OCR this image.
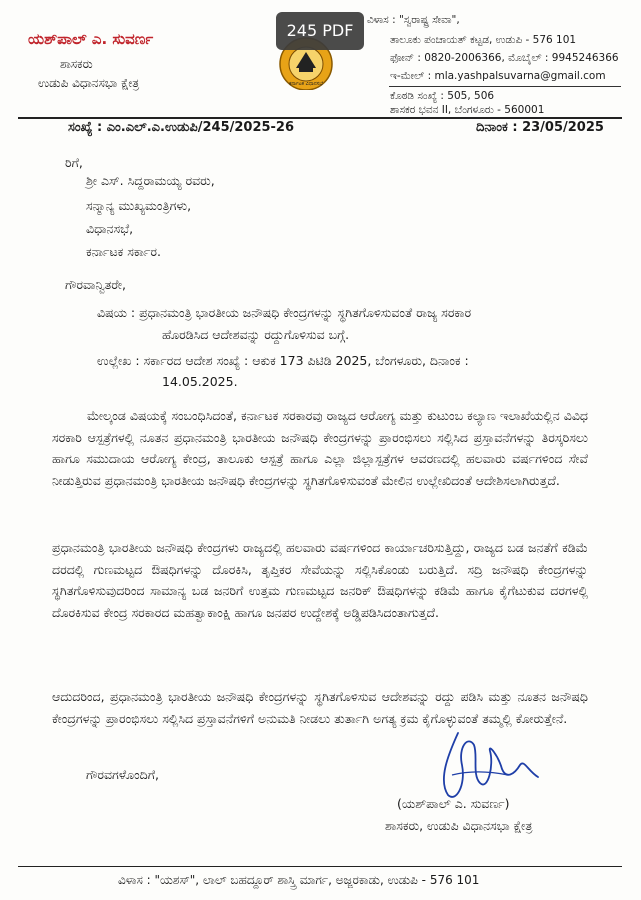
245 PDF
ಯಶ್‌ಪಾಲ್ ಎ. ಸುವರ್ಣ
ಶಾಸಕರು
ಉಡುಪಿ ವಿಧಾನಸಭಾ ಕ್ಷೇತ್ರ	ಕರ್ನಾಟಕ ವಿಧಾನಸಭೆ
ವಿಳಾಸ : "ಸ್ವರಾಷ್ಟ್ರ ಸೇವಾ",
ತಾಲೂಕು ಪಂಚಾಯತ್ ಕಟ್ಟಡ, ಉಡುಪಿ - 576 101
ಫೋನ್ : 0820-2006366, ಮೊಬೈಲ್ : 9945246366
ಇ-ಮೇಲ್ : mla.yashpalsuvarna@gmail.com
ಕೊಠಡಿ ಸಂಖ್ಯೆ : 505, 506
ಶಾಸಕರ ಭವನ II, ಬೆಂಗಳೂರು - 560001
ಸಂಖ್ಯೆ : ಎಂ.ಎಲ್.ಎ.ಉಡುಪಿ/245/2025-26	ದಿನಾಂಕ : 23/05/2025
ರಿಗೆ,
ಶ್ರೀ ಎಸ್. ಸಿದ್ದರಾಮಯ್ಯ ರವರು,
ಸನ್ಮಾನ್ಯ ಮುಖ್ಯಮಂತ್ರಿಗಳು,
ವಿಧಾನಸಭೆ,
ಕರ್ನಾಟಕ ಸರ್ಕಾರ.
ಗೌರವಾನ್ವಿತರೇ,
ವಿಷಯ : ಪ್ರಧಾನಮಂತ್ರಿ ಭಾರತೀಯ ಜನೌಷಧಿ ಕೇಂದ್ರಗಳನ್ನು ಸ್ಥಗಿತಗೊಳಿಸುವಂತೆ ರಾಜ್ಯ ಸರಕಾರ
ಹೊರಡಿಸಿದ ಆದೇಶವನ್ನು ರದ್ದುಗೊಳಿಸುವ ಬಗ್ಗೆ.
ಉಲ್ಲೇಖ : ಸರ್ಕಾರದ ಆದೇಶ ಸಂಖ್ಯೆ : ಆಕುಕ 173 ಪಿಟಿಡಿ 2025, ಬೆಂಗಳೂರು, ದಿನಾಂಕ :
14.05.2025.
ಮೇಲ್ಕಂಡ ವಿಷಯಕ್ಕೆ ಸಂಬಂಧಿಸಿದಂತೆ, ಕರ್ನಾಟಕ ಸರಕಾರವು ರಾಜ್ಯದ ಆರೋಗ್ಯ ಮತ್ತು ಕುಟುಂಬ ಕಲ್ಯಾಣ ಇಲಾಖೆಯಲ್ಲಿನ ವಿವಿಧ ಸರಕಾರಿ ಆಸ್ಪತ್ರೆಗಳಲ್ಲಿ ನೂತನ ಪ್ರಧಾನಮಂತ್ರಿ ಭಾರತೀಯ ಜನೌಷಧಿ ಕೇಂದ್ರಗಳನ್ನು ಪ್ರಾರಂಭಿಸಲು ಸಲ್ಲಿಸಿದ ಪ್ರಸ್ತಾವನೆಗಳನ್ನು ತಿರಸ್ಕರಿಸಲು ಹಾಗೂ ಸಮುದಾಯ ಆರೋಗ್ಯ ಕೇಂದ್ರ, ತಾಲೂಕು ಆಸ್ಪತ್ರೆ ಹಾಗೂ ಎಲ್ಲಾ ಜಿಲ್ಲಾಸ್ಪತ್ರೆಗಳ ಆವರಣದಲ್ಲಿ ಹಲವಾರು ವರ್ಷಗಳಿಂದ ಸೇವೆ ನೀಡುತ್ತಿರುವ ಪ್ರಧಾನಮಂತ್ರಿ ಭಾರತೀಯ ಜನೌಷಧಿ ಕೇಂದ್ರಗಳನ್ನು ಸ್ಥಗಿತಗೊಳಿಸುವಂತೆ ಮೇಲಿನ ಉಲ್ಲೇಖಿದಂತೆ ಆದೇಶಿಸಲಾಗಿರುತ್ತದೆ.
ಪ್ರಧಾನಮಂತ್ರಿ ಭಾರತೀಯ ಜನೌಷಧಿ ಕೇಂದ್ರಗಳು ರಾಜ್ಯದಲ್ಲಿ ಹಲವಾರು ವರ್ಷಗಳಿಂದ ಕಾರ್ಯಾಚರಿಸುತ್ತಿದ್ದು, ರಾಜ್ಯದ ಬಡ ಜನತೆಗೆ ಕಡಿಮೆ ದರದಲ್ಲಿ ಗುಣಮಟ್ಟದ ಔಷಧಿಗಳನ್ನು ದೊರಕಿಸಿ, ತೃಪ್ತಿಕರ ಸೇವೆಯನ್ನು ಸಲ್ಲಿಸಿಕೊಂಡು ಬರುತ್ತಿದೆ. ಸದ್ರಿ ಜನೌಷಧಿ ಕೇಂದ್ರಗಳನ್ನು ಸ್ಥಗಿತಗೊಳಿಸುವುದರಿಂದ ಸಾಮಾನ್ಯ ಬಡ ಜನರಿಗೆ ಉತ್ತಮ ಗುಣಮಟ್ಟದ ಜನರಿಕ್ ಔಷಧಿಗಳನ್ನು ಕಡಿಮೆ ಹಾಗೂ ಕೈಗೆಟುಕುವ ದರಗಳಲ್ಲಿ ದೊರಕಿಸುವ ಕೇಂದ್ರ ಸರಕಾರದ ಮಹತ್ವಾಕಾಂಕ್ಷಿ ಹಾಗೂ ಜನಪರ ಉದ್ದೇಶಕ್ಕೆ ಅಡ್ಡಿಪಡಿಸಿದಂತಾಗುತ್ತದೆ.
ಆದುದರಿಂದ, ಪ್ರಧಾನಮಂತ್ರಿ ಭಾರತೀಯ ಜನೌಷಧಿ ಕೇಂದ್ರಗಳನ್ನು ಸ್ಥಗಿತಗೊಳಿಸುವ ಆದೇಶವನ್ನು ರದ್ದು ಪಡಿಸಿ ಮತ್ತು ನೂತನ ಜನೌಷಧಿ ಕೇಂದ್ರಗಳನ್ನು ಪ್ರಾರಂಭಿಸಲು ಸಲ್ಲಿಸಿದ ಪ್ರಸ್ತಾವನೆಗಳಿಗೆ ಅನುಮತಿ ನೀಡಲು ತುರ್ತಾಗಿ ಅಗತ್ಯ ಕ್ರಮ ಕೈಗೊಳ್ಳುವಂತೆ ತಮ್ಮಲ್ಲಿ ಕೋರುತ್ತೇನೆ.
ಗೌರವಗಳೊಂದಿಗೆ,
(ಯಶ್‌ಪಾಲ್ ಎ. ಸುವರ್ಣ)
ಶಾಸಕರು, ಉಡುಪಿ ವಿಧಾನಸಭಾ ಕ್ಷೇತ್ರ
ವಿಳಾಸ : "ಯಶಸ್", ಲಾಲ್ ಬಹದ್ದೂರ್ ಶಾಸ್ತ್ರಿ ಮಾರ್ಗ, ಅಜ್ಜರಕಾಡು, ಉಡುಪಿ - 576 101
